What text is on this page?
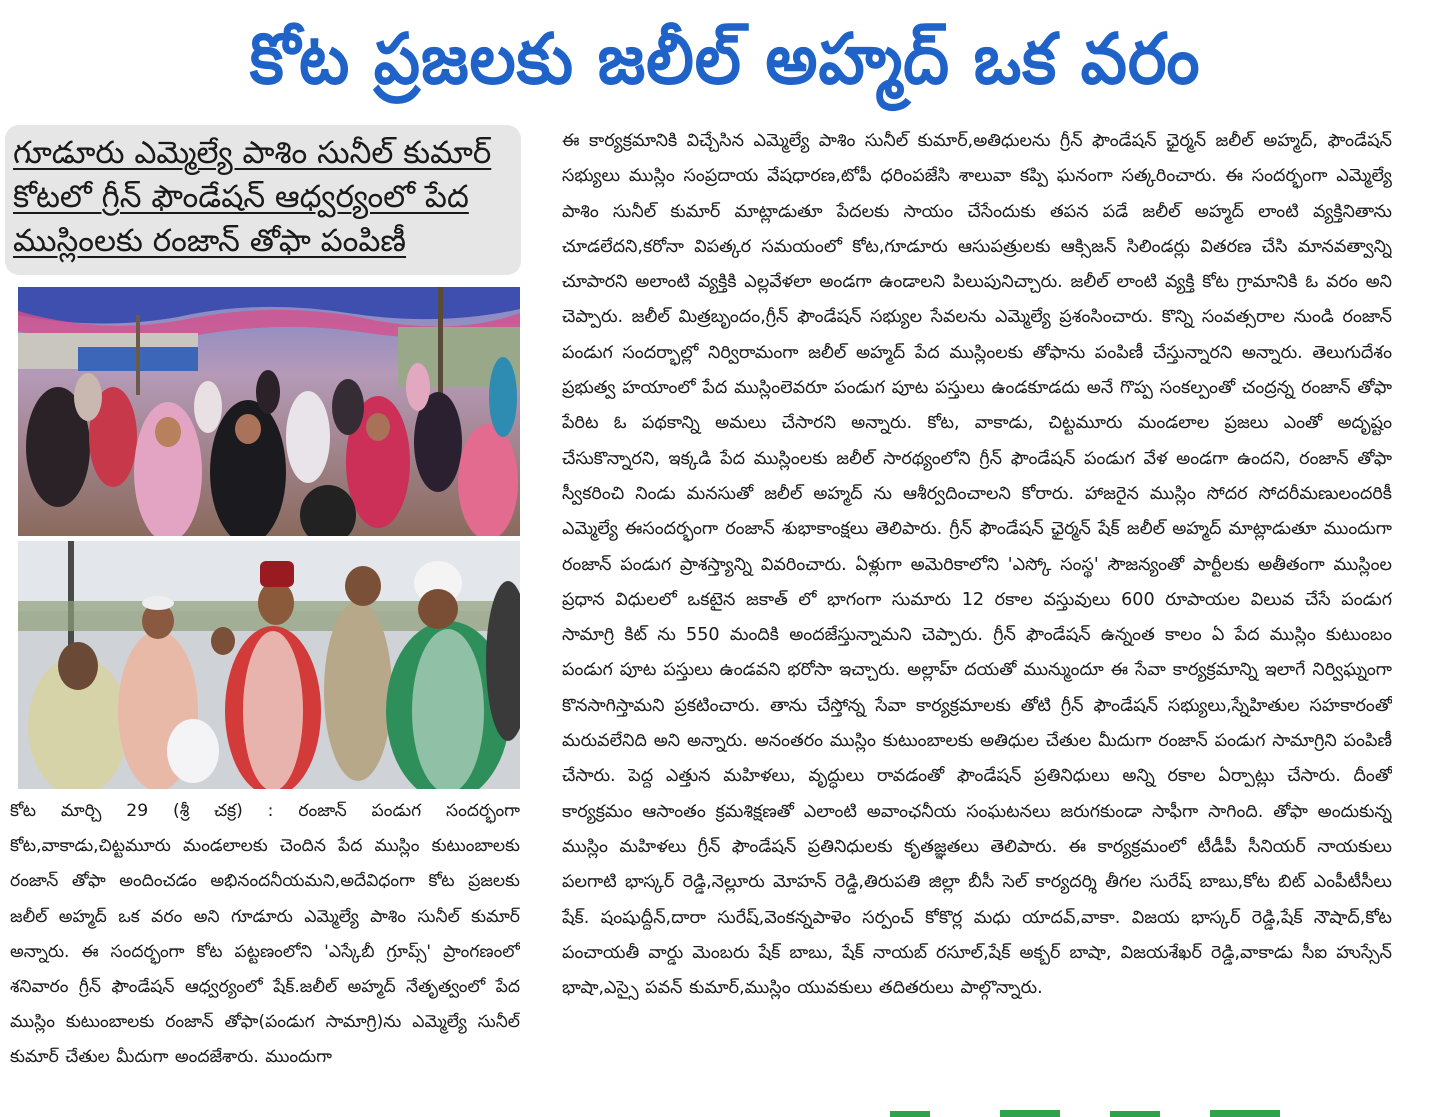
కోట ప్రజలకు జలీల్ అహ్మద్ ఒక వరం
గూడూరు ఎమ్మెల్యే పాశిం సునీల్ కుమార్
కోటలో గ్రీన్ ఫౌండేషన్ ఆధ్వర్యంలో పేద
ముస్లింలకు రంజాన్ తోఫా పంపిణీ

కోట మార్చి 29 (శ్రీ చక్ర) : రంజాన్ పండుగ సందర్భంగా కోట,వాకాడు,చిట్టమూరు మండలాలకు చెందిన పేద ముస్లిం కుటుంబాలకు రంజాన్ తోఫా అందించడం అభినందనీయమని,అదేవిధంగా కోట ప్రజలకు జలీల్ అహ్మద్ ఒక వరం అని గూడూరు ఎమ్మెల్యే పాశిం సునీల్ కుమార్ అన్నారు. ఈ సందర్భంగా కోట పట్టణంలోని 'ఎస్కేబీ గ్రూప్స్' ప్రాంగణంలో శనివారం గ్రీన్ ఫౌండేషన్ ఆధ్వర్యంలో షేక్.జలీల్ అహ్మద్ నేతృత్వంలో పేద ముస్లిం కుటుంబాలకు రంజాన్ తోఫా(పండుగ సామాగ్రి)ను ఎమ్మెల్యే సునీల్ కుమార్ చేతుల మీదుగా అందజేశారు. ముందుగా

ఈ కార్యక్రమానికి విచ్చేసిన ఎమ్మెల్యే పాశిం సునీల్ కుమార్,అతిధులను గ్రీన్ ఫౌండేషన్ ఛైర్మన్ జలీల్ అహ్మద్, ఫౌండేషన్ సభ్యులు ముస్లిం సంప్రదాయ వేషధారణ,టోపీ ధరింపజేసి శాలువా కప్పి ఘనంగా సత్కరించారు. ఈ సందర్భంగా ఎమ్మెల్యే పాశిం సునీల్ కుమార్ మాట్లాడుతూ పేదలకు సాయం చేసేందుకు తపన పడే జలీల్ అహ్మద్ లాంటి వ్యక్తినితాను చూడలేదని,కరోనా విపత్కర సమయంలో కోట,గూడూరు ఆసుపత్రులకు ఆక్సిజన్ సిలిండర్లు వితరణ చేసి మానవత్వాన్ని చూపారని అలాంటి వ్యక్తికి ఎల్లవేళలా అండగా ఉండాలని పిలుపునిచ్చారు. జలీల్ లాంటి వ్యక్తి కోట గ్రామానికి ఓ వరం అని చెప్పారు. జలీల్ మిత్రబృందం,గ్రీన్ ఫౌండేషన్ సభ్యుల సేవలను ఎమ్మెల్యే ప్రశంసించారు. కొన్ని సంవత్సరాల నుండి రంజాన్ పండుగ సందర్భాల్లో నిర్విరామంగా జలీల్ అహ్మద్ పేద ముస్లింలకు తోఫాను పంపిణీ చేస్తున్నారని అన్నారు. తెలుగుదేశం ప్రభుత్వ హయాంలో పేద ముస్లింలెవరూ పండుగ పూట పస్తులు ఉండకూడదు అనే గొప్ప సంకల్పంతో చంద్రన్న రంజాన్ తోఫా పేరిట ఓ పథకాన్ని అమలు చేసారని అన్నారు. కోట, వాకాడు, చిట్టమూరు మండలాల ప్రజలు ఎంతో అదృష్టం చేసుకొన్నారని, ఇక్కడి పేద ముస్లింలకు జలీల్ సారథ్యంలోని గ్రీన్ ఫౌండేషన్ పండుగ వేళ అండగా ఉందని, రంజాన్ తోఫా స్వీకరించి నిండు మనసుతో జలీల్ అహ్మద్ ను ఆశీర్వదించాలని కోరారు. హాజరైన ముస్లిం సోదర సోదరీమణులందరికీ ఎమ్మెల్యే ఈసందర్భంగా రంజాన్ శుభాకాంక్షలు తెలిపారు. గ్రీన్ ఫౌండేషన్ ఛైర్మన్ షేక్ జలీల్ అహ్మద్ మాట్లాడుతూ ముందుగా రంజాన్ పండుగ ప్రాశస్త్యాన్ని వివరించారు. ఏళ్లుగా అమెరికాలోని 'ఎస్కో సంస్థ' సౌజన్యంతో పార్టీలకు అతీతంగా ముస్లింల ప్రధాన విధులలో ఒకటైన జకాత్ లో భాగంగా సుమారు 12 రకాల వస్తువులు 600 రూపాయల విలువ చేసే పండుగ సామాగ్రి కిట్ ను 550 మందికి అందజేస్తున్నామని చెప్పారు. గ్రీన్ ఫౌండేషన్ ఉన్నంత కాలం ఏ పేద ముస్లిం కుటుంబం పండుగ పూట పస్తులు ఉండవని భరోసా ఇచ్చారు. అల్లాహ్ దయతో మున్ముందూ ఈ సేవా కార్యక్రమాన్ని ఇలాగే నిర్విఘ్నంగా కొనసాగిస్తామని ప్రకటించారు. తాను చేస్తోన్న సేవా కార్యక్రమాలకు తోటి గ్రీన్ ఫౌండేషన్ సభ్యులు,స్నేహితుల సహకారంతో మరువలేనిది అని అన్నారు. అనంతరం ముస్లిం కుటుంబాలకు అతిధుల చేతుల మీదుగా రంజాన్ పండుగ సామాగ్రిని పంపిణీ చేసారు. పెద్ద ఎత్తున మహిళలు, వృద్ధులు రావడంతో ఫౌండేషన్ ప్రతినిధులు అన్ని రకాల ఏర్పాట్లు చేసారు. దీంతో కార్యక్రమం ఆసాంతం క్రమశిక్షణతో ఎలాంటి అవాంఛనీయ సంఘటనలు జరుగకుండా సాఫీగా సాగింది. తోఫా అందుకున్న ముస్లిం మహిళలు గ్రీన్ ఫౌండేషన్ ప్రతినిధులకు కృతజ్ఞతలు తెలిపారు. ఈ కార్యక్రమంలో టీడీపీ సీనియర్ నాయకులు పలగాటి భాస్కర్ రెడ్డి,నెల్లూరు మోహన్ రెడ్డి,తిరుపతి జిల్లా బీసీ సెల్ కార్యదర్శి తీగల సురేష్ బాబు,కోట బిట్ ఎంపీటీసీలు షేక్. షంషుద్దీన్,దారా సురేష్,వెంకన్నపాళెం సర్పంచ్ కోకొర్ల మధు యాదవ్,వాకా. విజయ భాస్కర్ రెడ్డి,షేక్ నౌషాద్,కోట పంచాయతీ వార్డు మెంబరు షేక్ బాబు, షేక్ నాయబ్ రసూల్,షేక్ అక్బర్ బాషా, విజయశేఖర్ రెడ్డి,వాకాడు సీఐ హుస్సేన్ భాషా,ఎస్సై పవన్ కుమార్,ముస్లిం యువకులు తదితరులు పాల్గొన్నారు.
